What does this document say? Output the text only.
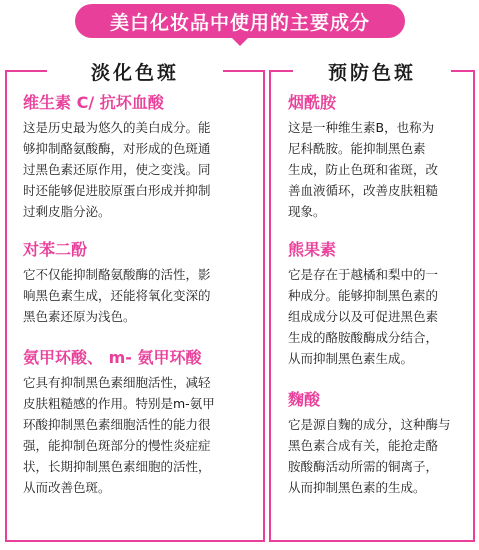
美白化妆品中使用的主要成分
淡化色斑	预防色斑
维生素 C/ 抗坏血酸
这是历史最为悠久的美白成分。能
够抑制酪氨酸酶，对形成的色斑通
过黑色素还原作用，使之变浅。同
时还能够促进胶原蛋白形成并抑制
过剩皮脂分泌。
对苯二酚
它不仅能抑制酪氨酸酶的活性，影
响黑色素生成，还能将氧化变深的
黑色素还原为浅色。
氨甲环酸、 m- 氨甲环酸
它具有抑制黑色素细胞活性，减轻
皮肤粗糙感的作用。特别是m-氨甲
环酸抑制黑色素细胞活性的能力很
强，能抑制色斑部分的慢性炎症症
状，长期抑制黑色素细胞的活性，
从而改善色斑。
烟酰胺
这是一种维生素B，也称为
尼科酰胺。能抑制黑色素
生成，防止色斑和雀斑，改
善血液循环，改善皮肤粗糙
现象。
熊果素
它是存在于越橘和梨中的一
种成分。能够抑制黑色素的
组成成分以及可促进黑色素
生成的酪胺酸酶成分结合，
从而抑制黑色素生成。
麴酸
它是源自麴的成分，这种酶与
黑色素合成有关，能抢走酪
胺酸酶活动所需的铜离子，
从而抑制黑色素的生成。
